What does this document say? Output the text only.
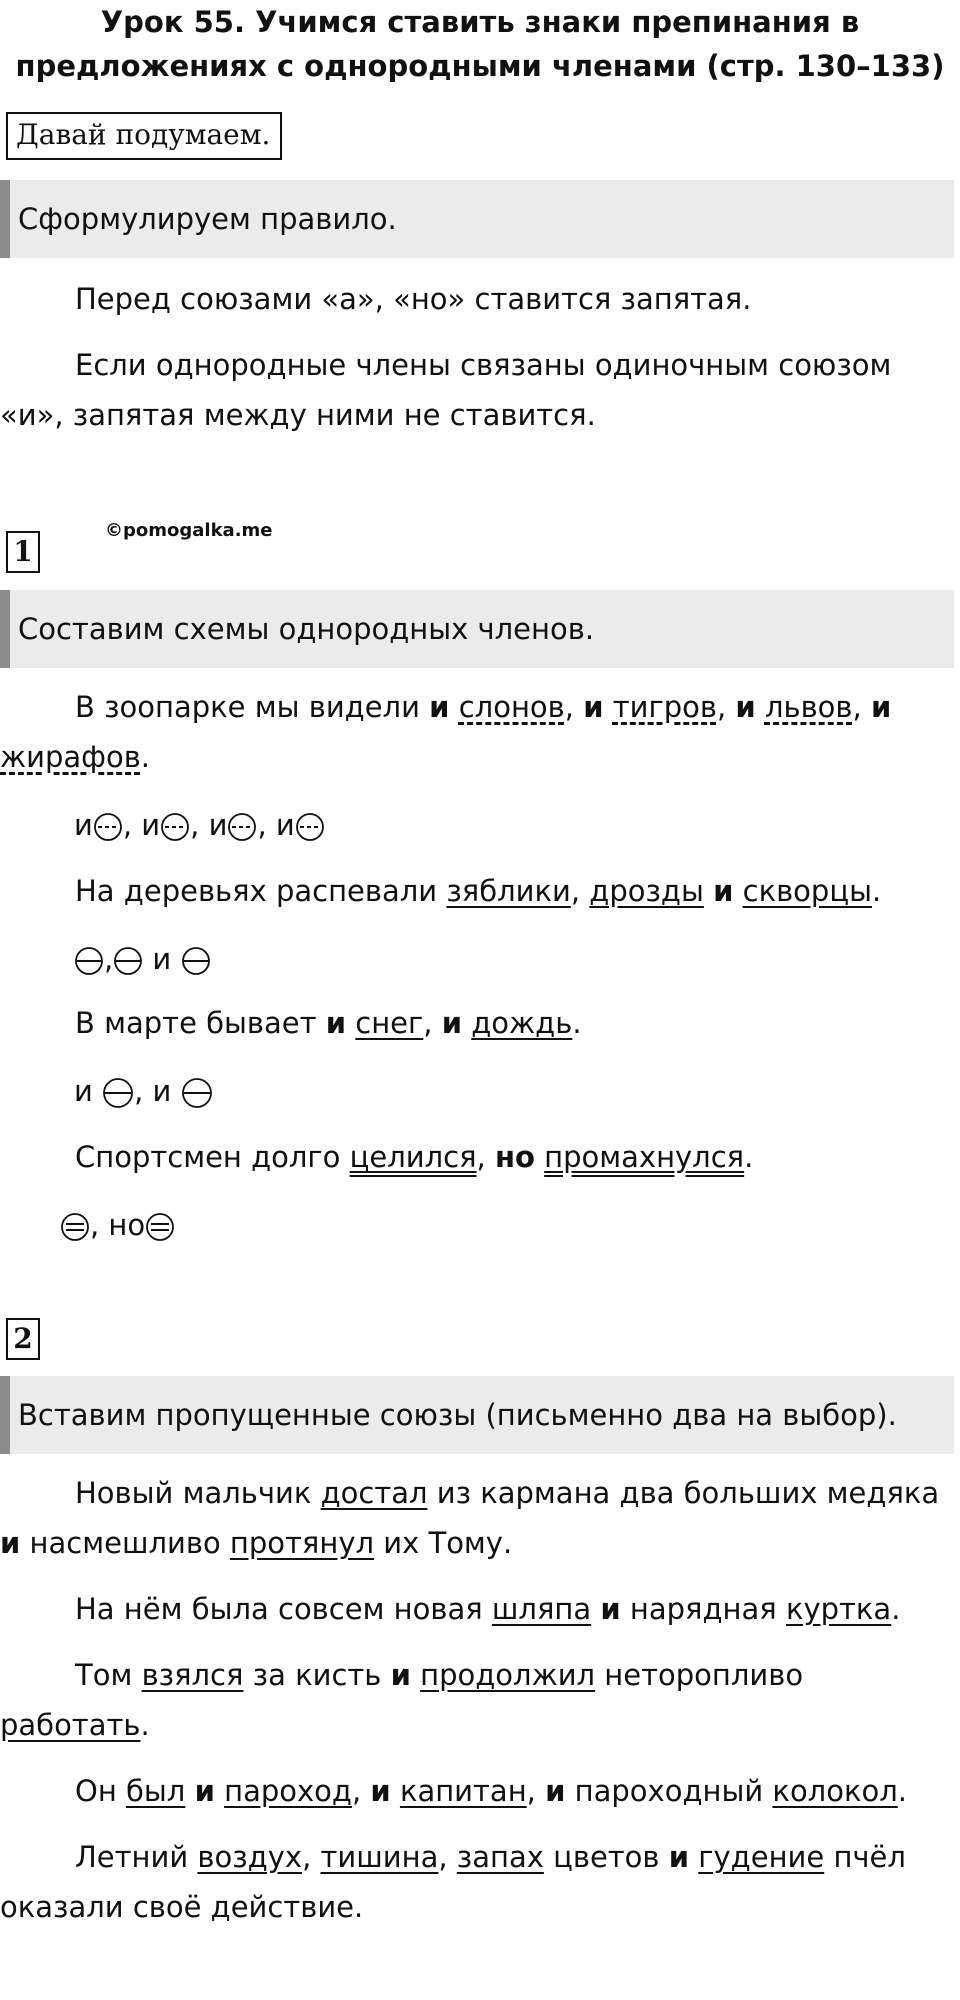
Урок 55. Учимся ставить знаки препинания в

предложениях с однородными членами (стр. 130–133)

Давай подумаем.
Сформулируем правило.
Перед союзами «а», «но» ставится запятая.
Если однородные члены связаны одиночным союзом «и», запятая между ними не ставится.
1
©pomogalka.me
Составим схемы однородных членов.
В зоопарке мы видели и слонов, и тигров, и львов, и жирафов.
и , и , и , и
На деревьях распевали зяблики, дрозды и скворцы.
, и
В марте бывает и снег, и дождь.
и , и
Спортсмен долго целился, но промахнулся.
, но
2
Вставим пропущенные союзы (письменно два на выбор).
Новый мальчик достал из кармана два больших медяка и насмешливо протянул их Тому.
На нём была совсем новая шляпа и нарядная куртка.
Том взялся за кисть и продолжил неторопливо работать.
Он был и пароход, и капитан, и пароходный колокол.
Летний воздух, тишина, запах цветов и гудение пчёл оказали своё действие.
